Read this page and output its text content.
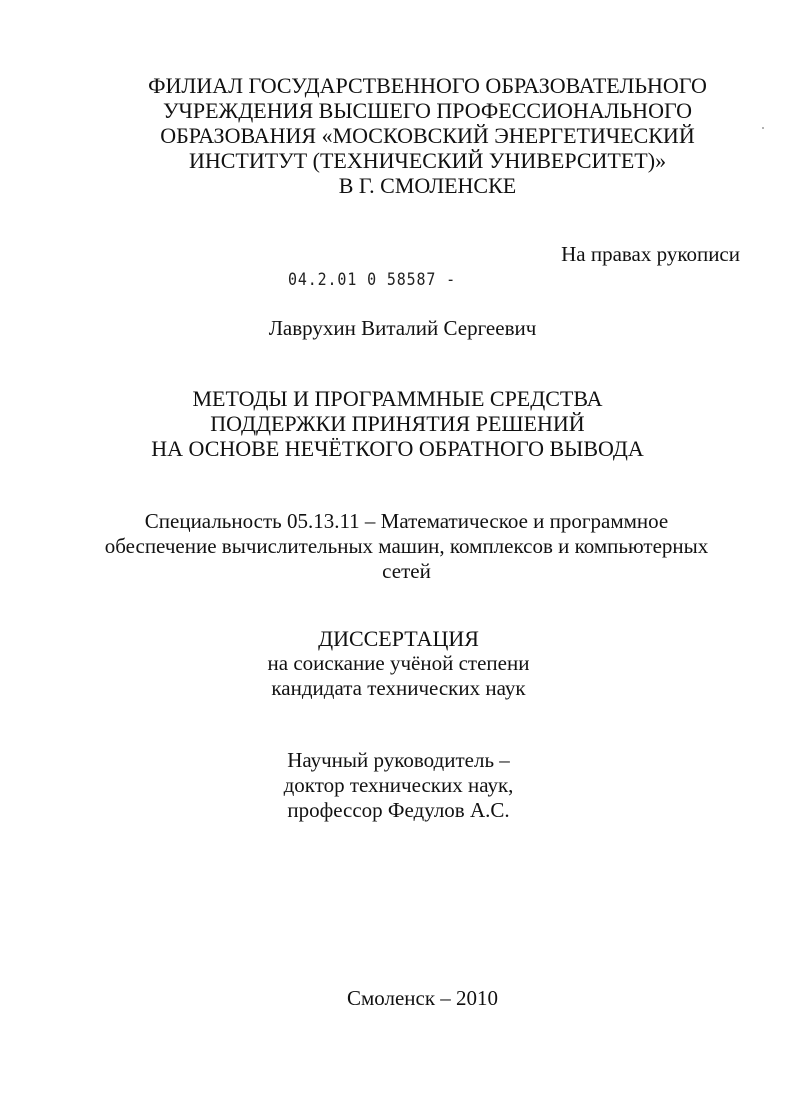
ФИЛИАЛ ГОСУДАРСТВЕННОГО ОБРАЗОВАТЕЛЬНОГО
УЧРЕЖДЕНИЯ ВЫСШЕГО ПРОФЕССИОНАЛЬНОГО
ОБРАЗОВАНИЯ «МОСКОВСКИЙ ЭНЕРГЕТИЧЕСКИЙ
ИНСТИТУТ (ТЕХНИЧЕСКИЙ УНИВЕРСИТЕТ)»
В Г. СМОЛЕНСКЕ
На правах рукописи
04.2.01 0 58587 -
Лаврухин Виталий Сергеевич
МЕТОДЫ И ПРОГРАММНЫЕ СРЕДСТВА
ПОДДЕРЖКИ ПРИНЯТИЯ РЕШЕНИЙ
НА ОСНОВЕ НЕЧЁТКОГО ОБРАТНОГО ВЫВОДА
Специальность 05.13.11 – Математическое и программное
обеспечение вычислительных машин, комплексов и компьютерных
сетей
ДИССЕРТАЦИЯ
на соискание учёной степени
кандидата технических наук
Научный руководитель –
доктор технических наук,
профессор Федулов А.С.
Смоленск – 2010
